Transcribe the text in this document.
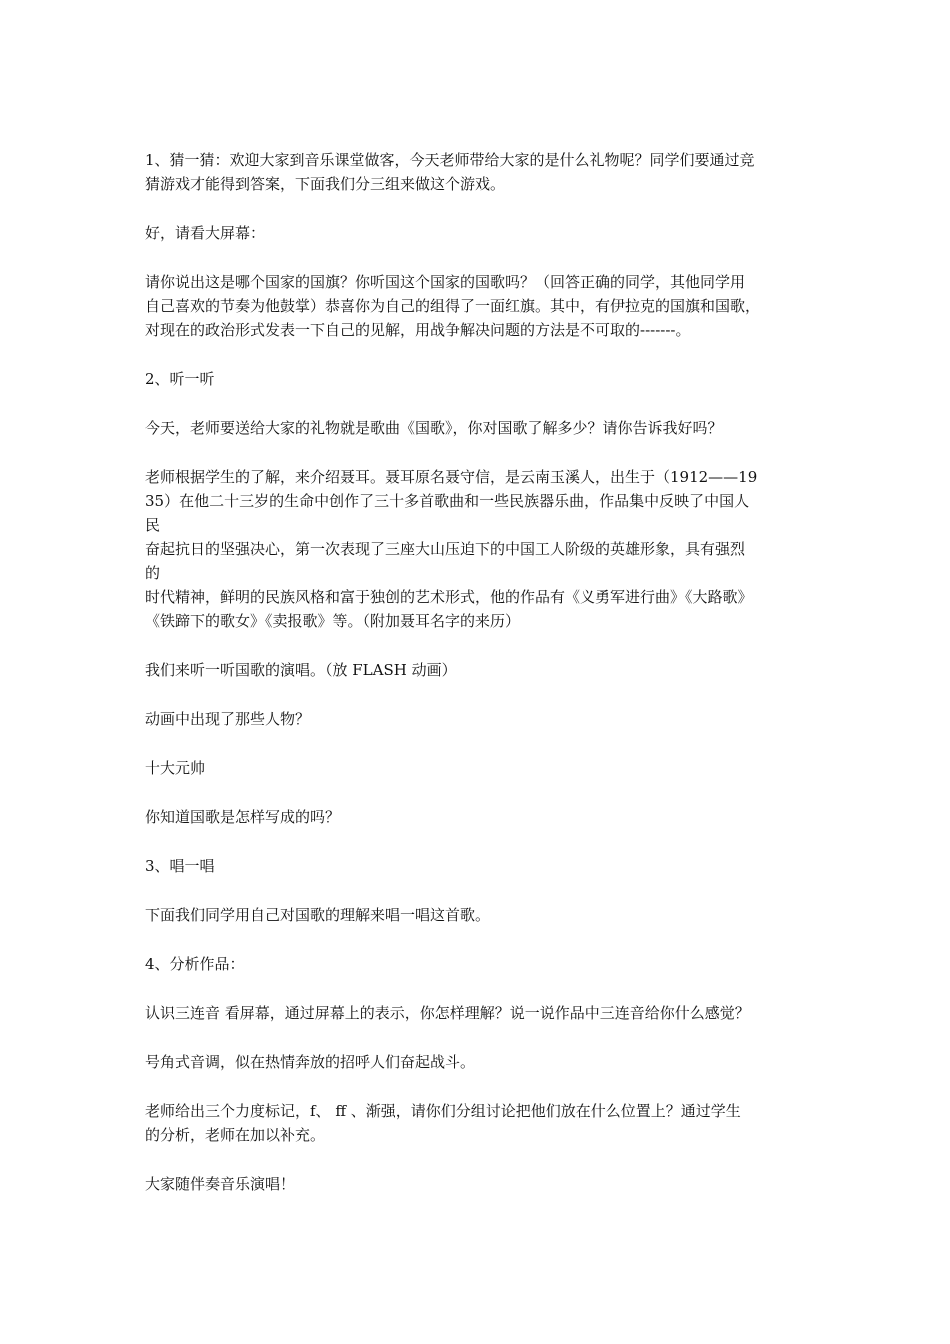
1、猜一猜：欢迎大家到音乐课堂做客，今天老师带给大家的是什么礼物呢？同学们要通过竞
猜游戏才能得到答案，下面我们分三组来做这个游戏。

好，请看大屏幕：

请你说出这是哪个国家的国旗？你听国这个国家的国歌吗？（回答正确的同学，其他同学用
自己喜欢的节奏为他鼓掌）恭喜你为自己的组得了一面红旗。其中，有伊拉克的国旗和国歌，
对现在的政治形式发表一下自己的见解，用战争解决问题的方法是不可取的-------。

2、听一听

今天，老师要送给大家的礼物就是歌曲《国歌》，你对国歌了解多少？请你告诉我好吗？

老师根据学生的了解，来介绍聂耳。聂耳原名聂守信，是云南玉溪人，出生于（1912——19
35）在他二十三岁的生命中创作了三十多首歌曲和一些民族器乐曲，作品集中反映了中国人
民
奋起抗日的坚强决心，第一次表现了三座大山压迫下的中国工人阶级的英雄形象，具有强烈
的
时代精神，鲜明的民族风格和富于独创的艺术形式，他的作品有《义勇军进行曲》《大路歌》
《铁蹄下的歌女》《卖报歌》等。（附加聂耳名字的来历）

我们来听一听国歌的演唱。（放 FLASH 动画）

动画中出现了那些人物？

十大元帅

你知道国歌是怎样写成的吗？

3、唱一唱

下面我们同学用自己对国歌的理解来唱一唱这首歌。

4、分析作品：

认识三连音 看屏幕，通过屏幕上的表示，你怎样理解？说一说作品中三连音给你什么感觉？

号角式音调，似在热情奔放的招呼人们奋起战斗。

老师给出三个力度标记，f、 ff 、渐强，请你们分组讨论把他们放在什么位置上？通过学生
的分析，老师在加以补充。

大家随伴奏音乐演唱！
